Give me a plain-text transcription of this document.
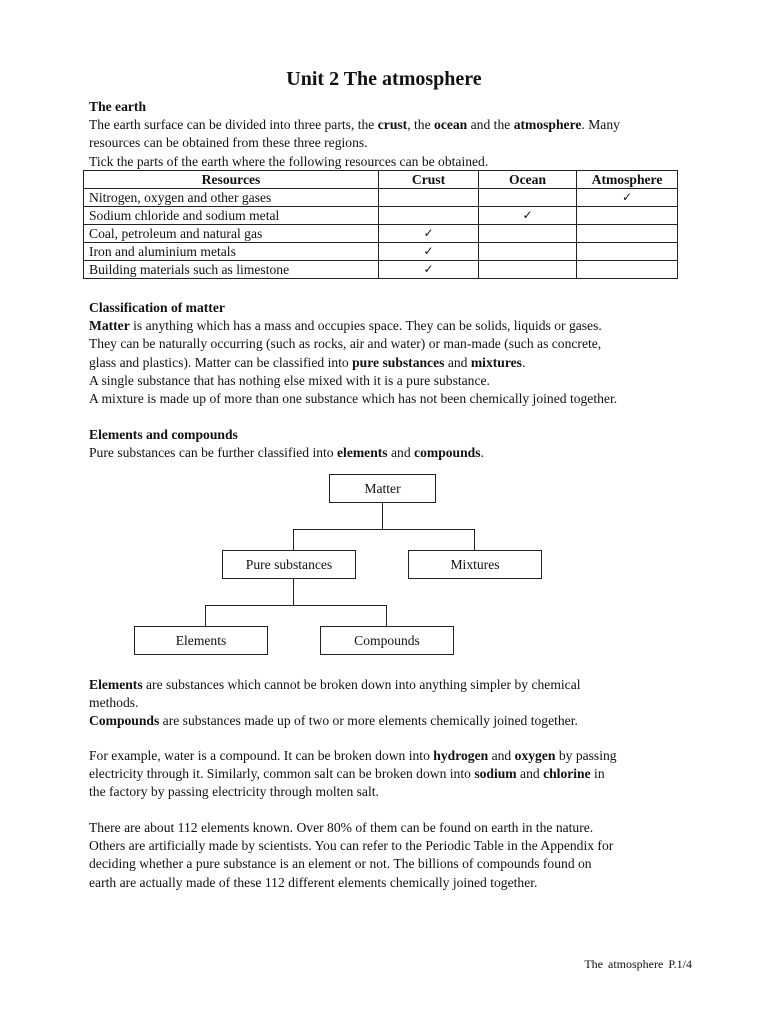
Unit 2 The atmosphere

The earth

The earth surface can be divided into three parts, the crust, the ocean and the atmosphere. Many

resources can be obtained from these three regions.

Tick the parts of the earth where the following resources can be obtained.

Resources	Crust	Ocean	Atmosphere
Nitrogen, oxygen and other gases			✓
Sodium chloride and sodium metal		✓	
Coal, petroleum and natural gas	✓		
Iron and aluminium metals	✓		
Building materials such as limestone	✓		

Classification of matter

Matter is anything which has a mass and occupies space. They can be solids, liquids or gases.

They can be naturally occurring (such as rocks, air and water) or man-made (such as concrete,

glass and plastics). Matter can be classified into pure substances and mixtures.

A single substance that has nothing else mixed with it is a pure substance.

A mixture is made up of more than one substance which has not been chemically joined together.

Elements and compounds

Pure substances can be further classified into elements and compounds.

Matter
Pure substances	Mixtures
Elements	Compounds

Elements are substances which cannot be broken down into anything simpler by chemical

methods.

Compounds are substances made up of two or more elements chemically joined together.

For example, water is a compound. It can be broken down into hydrogen and oxygen by passing

electricity through it. Similarly, common salt can be broken down into sodium and chlorine in

the factory by passing electricity through molten salt.

There are about 112 elements known. Over 80% of them can be found on earth in the nature.

Others are artificially made by scientists. You can refer to the Periodic Table in the Appendix for

deciding whether a pure substance is an element or not. The billions of compounds found on

earth are actually made of these 112 different elements chemically joined together.

The atmosphere P.1/4
